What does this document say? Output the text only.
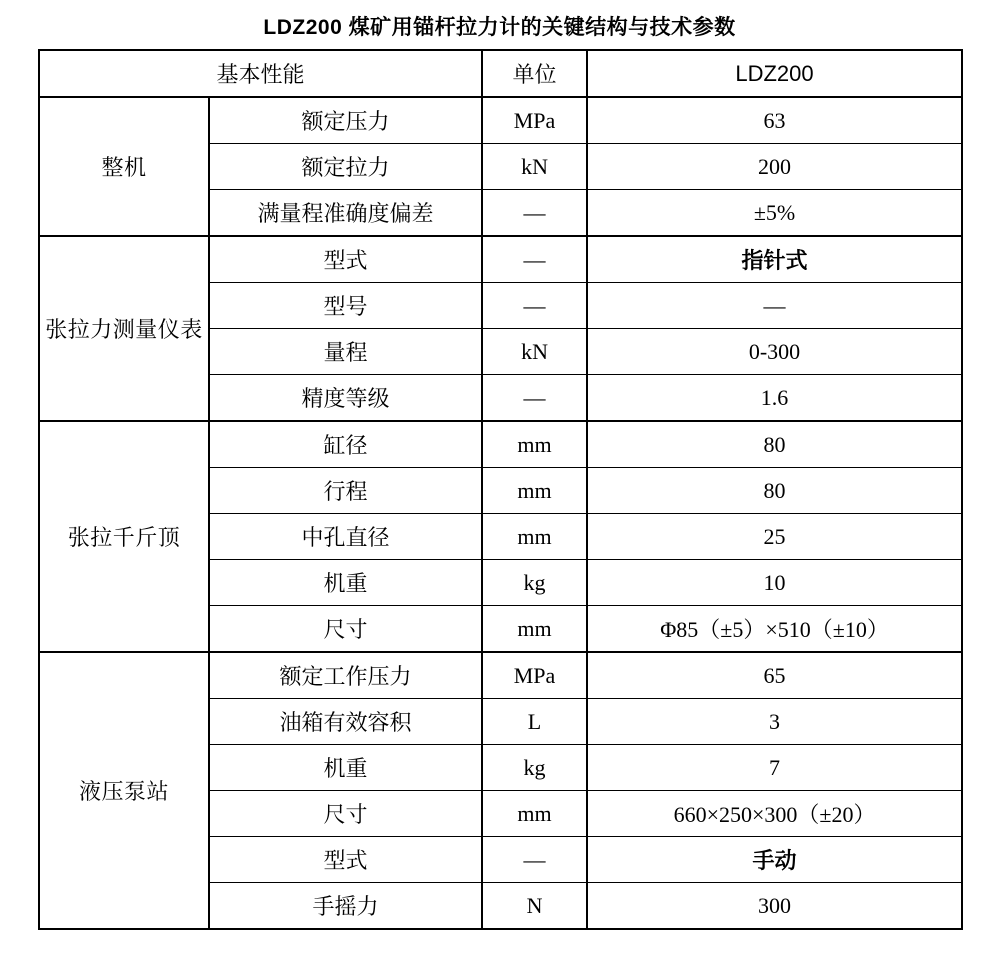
LDZ200 煤矿用锚杆拉力计的关键结构与技术参数
基本性能		单位	LDZ200
整机	额定压力	MPa	63
	额定拉力	kN	200
	满量程准确度偏差	—	±5%
张拉力测量仪表	型式	—	指针式
	型号	—	—
	量程	kN	0-300
	精度等级	—	1.6
张拉千斤顶	缸径	mm	80
	行程	mm	80
	中孔直径	mm	25
	机重	kg	10
	尺寸	mm	Φ85（±5）×510（±10）
液压泵站	额定工作压力	MPa	65
	油箱有效容积	L	3
	机重	kg	7
	尺寸	mm	660×250×300（±20）
	型式	—	手动
	手摇力	N	300
